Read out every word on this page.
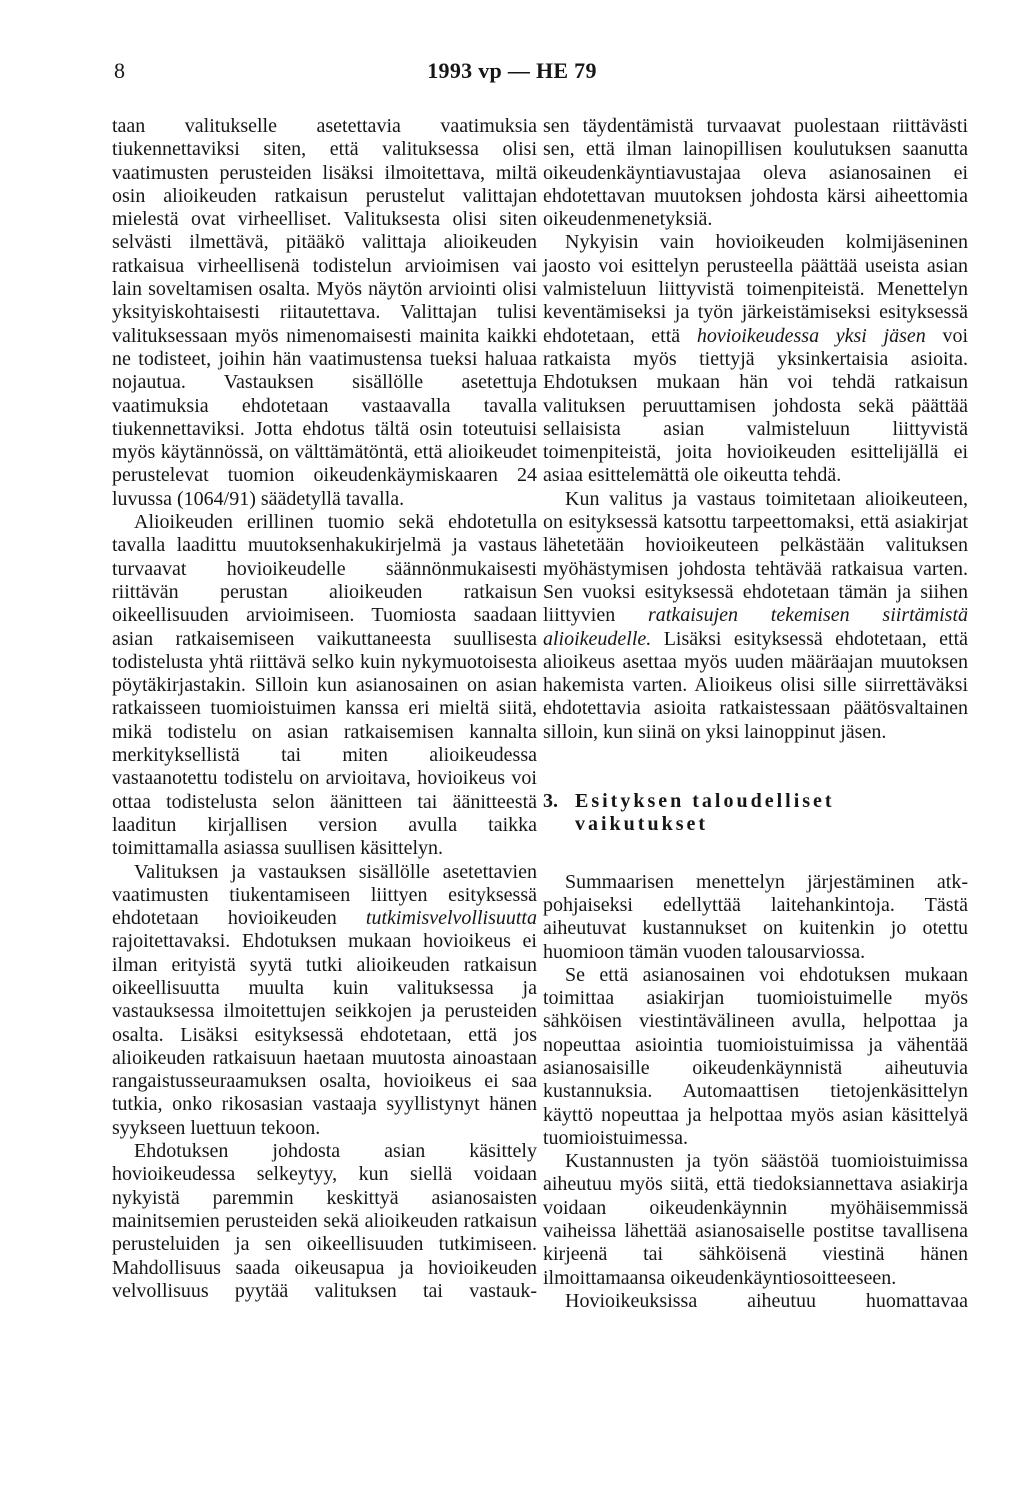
8	1993 vp — HE 79

taan valitukselle asetettavia vaatimuksia tiukennettaviksi siten, että valituksessa olisi vaatimusten perusteiden lisäksi ilmoitettava, miltä osin alioikeuden ratkaisun perustelut valittajan mielestä ovat virheelliset. Valituksesta olisi siten selvästi ilmettävä, pitääkö valittaja alioikeuden ratkaisua virheellisenä todistelun arvioimisen vai lain soveltamisen osalta. Myös näytön arviointi olisi yksityiskohtaisesti riitautettava. Valittajan tulisi valituksessaan myös nimenomaisesti mainita kaikki ne todisteet, joihin hän vaatimustensa tueksi haluaa nojautua. Vastauksen sisällölle asetettuja vaatimuksia ehdotetaan vastaavalla tavalla tiukennettaviksi. Jotta ehdotus tältä osin toteutuisi myös käytännössä, on välttämätöntä, että alioikeudet perustelevat tuomion oikeudenkäymiskaaren 24 luvussa (1064/91) säädetyllä tavalla.

Alioikeuden erillinen tuomio sekä ehdotetulla tavalla laadittu muutoksenhakukirjelmä ja vastaus turvaavat hovioikeudelle säännönmukaisesti riittävän perustan alioikeuden ratkaisun oikeellisuuden arvioimiseen. Tuomiosta saadaan asian ratkaisemiseen vaikuttaneesta suullisesta todistelusta yhtä riittävä selko kuin nykymuotoisesta pöytäkirjastakin. Silloin kun asianosainen on asian ratkaisseen tuomioistuimen kanssa eri mieltä siitä, mikä todistelu on asian ratkaisemisen kannalta merkityksellistä tai miten alioikeudessa vastaanotettu todistelu on arvioitava, hovioikeus voi ottaa todistelusta selon äänitteen tai äänitteestä laaditun kirjallisen version avulla taikka toimittamalla asiassa suullisen käsittelyn.

Valituksen ja vastauksen sisällölle asetettavien vaatimusten tiukentamiseen liittyen esityksessä ehdotetaan hovioikeuden tutkimisvelvollisuutta rajoitettavaksi. Ehdotuksen mukaan hovioikeus ei ilman erityistä syytä tutki alioikeuden ratkaisun oikeellisuutta muulta kuin valituksessa ja vastauksessa ilmoitettujen seikkojen ja perusteiden osalta. Lisäksi esityksessä ehdotetaan, että jos alioikeuden ratkaisuun haetaan muutosta ainoastaan rangaistusseuraamuksen osalta, hovioikeus ei saa tutkia, onko rikosasian vastaaja syyllistynyt hänen syykseen luettuun tekoon.

Ehdotuksen johdosta asian käsittely hovioikeudessa selkeytyy, kun siellä voidaan nykyistä paremmin keskittyä asianosaisten mainitsemien perusteiden sekä alioikeuden ratkaisun perusteluiden ja sen oikeellisuuden tutkimiseen. Mahdollisuus saada oikeusapua ja hovioikeuden velvollisuus pyytää valituksen tai vastauk-

sen täydentämistä turvaavat puolestaan riittävästi sen, että ilman lainopillisen koulutuksen saanutta oikeudenkäyntiavustajaa oleva asianosainen ei ehdotettavan muutoksen johdosta kärsi aiheettomia oikeudenmenetyksiä.

Nykyisin vain hovioikeuden kolmijäseninen jaosto voi esittelyn perusteella päättää useista asian valmisteluun liittyvistä toimenpiteistä. Menettelyn keventämiseksi ja työn järkeistämiseksi esityksessä ehdotetaan, että hovioikeudessa yksi jäsen voi ratkaista myös tiettyjä yksinkertaisia asioita. Ehdotuksen mukaan hän voi tehdä ratkaisun valituksen peruuttamisen johdosta sekä päättää sellaisista asian valmisteluun liittyvistä toimenpiteistä, joita hovioikeuden esittelijällä ei asiaa esittelemättä ole oikeutta tehdä.

Kun valitus ja vastaus toimitetaan alioikeuteen, on esityksessä katsottu tarpeettomaksi, että asiakirjat lähetetään hovioikeuteen pelkästään valituksen myöhästymisen johdosta tehtävää ratkaisua varten. Sen vuoksi esityksessä ehdotetaan tämän ja siihen liittyvien ratkaisujen tekemisen siirtämistä alioikeudelle. Lisäksi esityksessä ehdotetaan, että alioikeus asettaa myös uuden määräajan muutoksen hakemista varten. Alioikeus olisi sille siirrettäväksi ehdotettavia asioita ratkaistessaan päätösvaltainen silloin, kun siinä on yksi lainoppinut jäsen.

3. Esityksen taloudelliset vaikutukset

Summaarisen menettelyn järjestäminen atk-pohjaiseksi edellyttää laitehankintoja. Tästä aiheutuvat kustannukset on kuitenkin jo otettu huomioon tämän vuoden talousarviossa.

Se että asianosainen voi ehdotuksen mukaan toimittaa asiakirjan tuomioistuimelle myös sähköisen viestintävälineen avulla, helpottaa ja nopeuttaa asiointia tuomioistuimissa ja vähentää asianosaisille oikeudenkäynnistä aiheutuvia kustannuksia. Automaattisen tietojenkäsittelyn käyttö nopeuttaa ja helpottaa myös asian käsittelyä tuomioistuimessa.

Kustannusten ja työn säästöä tuomioistuimissa aiheutuu myös siitä, että tiedoksiannettava asiakirja voidaan oikeudenkäynnin myöhäisemmissä vaiheissa lähettää asianosaiselle postitse tavallisena kirjeenä tai sähköisenä viestinä hänen ilmoittamaansa oikeudenkäyntiosoitteeseen.

Hovioikeuksissa aiheutuu huomattavaa
